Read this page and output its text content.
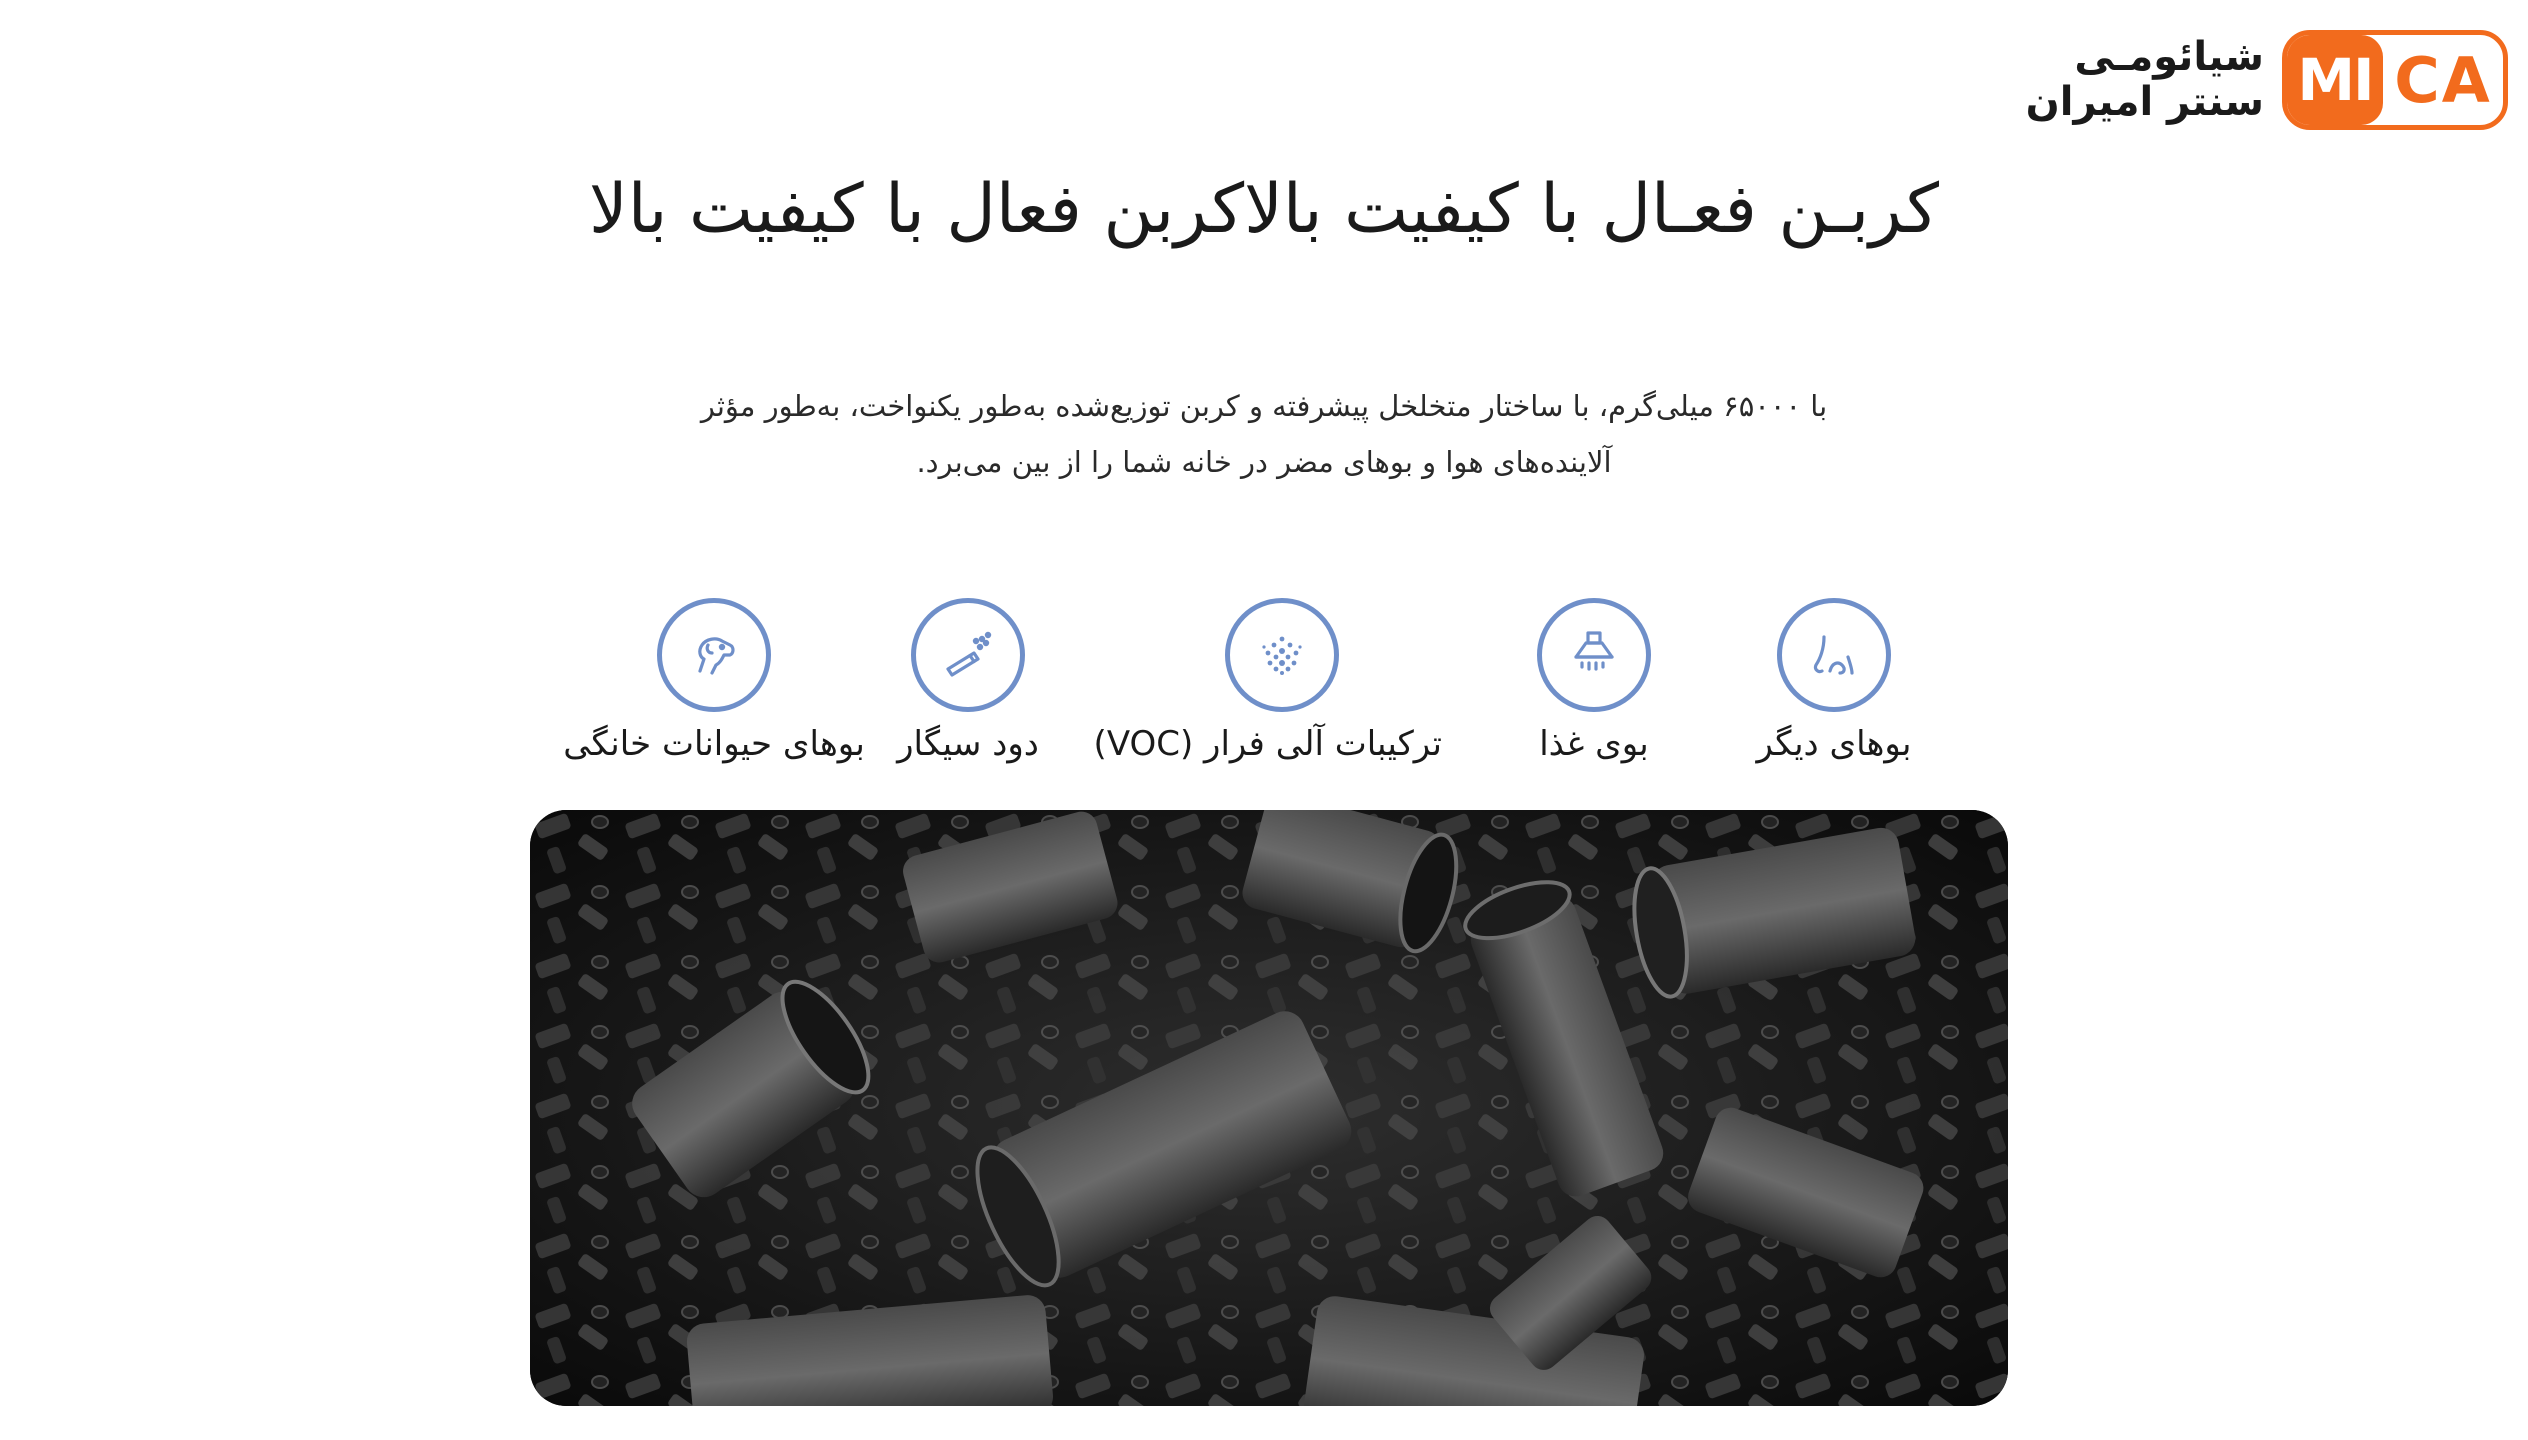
شیائومـی
سنتر امیران MI CA
کربـن فعـال با کیفیت بالاکربن فعال با کیفیت بالا
با ۶۵۰۰۰ میلی‌گرم، با ساختار متخلخل پیشرفته و کربن توزیع‌شده به‌طور یکنواخت، به‌طور مؤثر
آلاینده‌های هوا و بوهای مضر در خانه شما را از بین می‌برد.
بوهای دیگر
بوی غذا
ترکیبات آلی فرار (VOC)
دود سیگار
بوهای حیوانات خانگی
